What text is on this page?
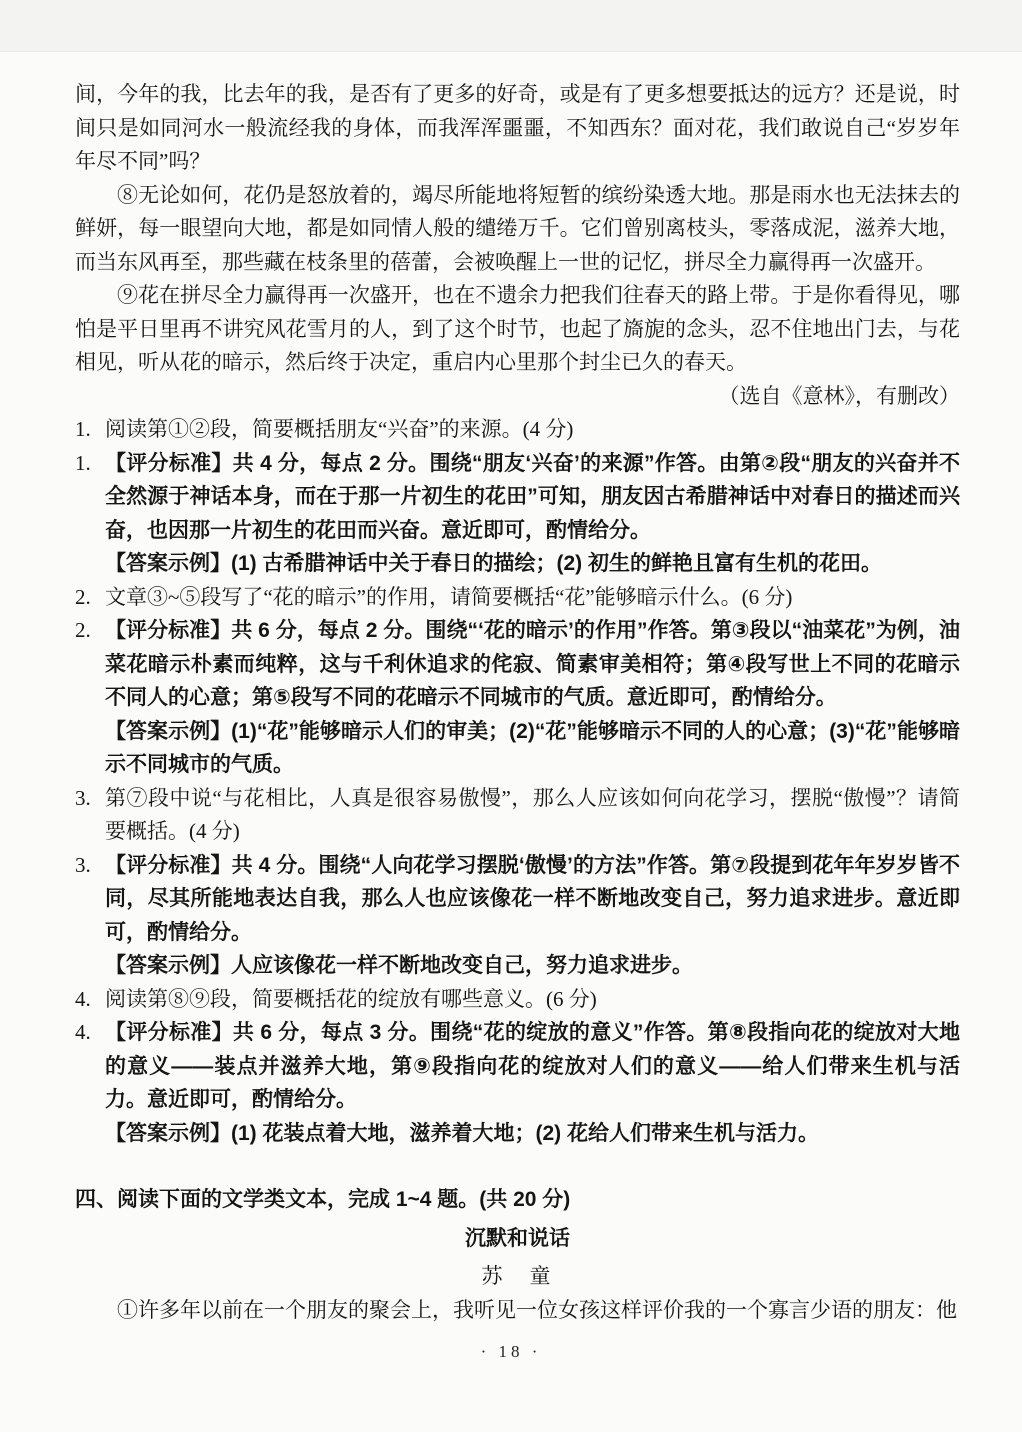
间，今年的我，比去年的我，是否有了更多的好奇，或是有了更多想要抵达的远方？还是说，时间只是如同河水一般流经我的身体，而我浑浑噩噩，不知西东？面对花，我们敢说自己“岁岁年年尽不同”吗？

⑧无论如何，花仍是怒放着的，竭尽所能地将短暂的缤纷染透大地。那是雨水也无法抹去的鲜妍，每一眼望向大地，都是如同情人般的缱绻万千。它们曾别离枝头，零落成泥，滋养大地，而当东风再至，那些藏在枝条里的蓓蕾，会被唤醒上一世的记忆，拼尽全力赢得再一次盛开。

⑨花在拼尽全力赢得再一次盛开，也在不遗余力把我们往春天的路上带。于是你看得见，哪怕是平日里再不讲究风花雪月的人，到了这个时节，也起了旖旎的念头，忍不住地出门去，与花相见，听从花的暗示，然后终于决定，重启内心里那个封尘已久的春天。

（选自《意林》，有删改）

1. 阅读第①②段，简要概括朋友“兴奋”的来源。(4 分)

1. 【评分标准】共 4 分，每点 2 分。围绕“朋友‘兴奋’的来源”作答。由第②段“朋友的兴奋并不全然源于神话本身，而在于那一片初生的花田”可知，朋友因古希腊神话中对春日的描述而兴奋，也因那一片初生的花田而兴奋。意近即可，酌情给分。

【答案示例】(1) 古希腊神话中关于春日的描绘；(2) 初生的鲜艳且富有生机的花田。

2. 文章③~⑤段写了“花的暗示”的作用，请简要概括“花”能够暗示什么。(6 分)

2. 【评分标准】共 6 分，每点 2 分。围绕“‘花的暗示’的作用”作答。第③段以“油菜花”为例，油菜花暗示朴素而纯粹，这与千利休追求的侘寂、简素审美相符；第④段写世上不同的花暗示不同人的心意；第⑤段写不同的花暗示不同城市的气质。意近即可，酌情给分。

【答案示例】(1)“花”能够暗示人们的审美；(2)“花”能够暗示不同的人的心意；(3)“花”能够暗示不同城市的气质。

3. 第⑦段中说“与花相比，人真是很容易傲慢”，那么人应该如何向花学习，摆脱“傲慢”？请简要概括。(4 分)

3. 【评分标准】共 4 分。围绕“人向花学习摆脱‘傲慢’的方法”作答。第⑦段提到花年年岁岁皆不同，尽其所能地表达自我，那么人也应该像花一样不断地改变自己，努力追求进步。意近即可，酌情给分。

【答案示例】人应该像花一样不断地改变自己，努力追求进步。

4. 阅读第⑧⑨段，简要概括花的绽放有哪些意义。(6 分)

4. 【评分标准】共 6 分，每点 3 分。围绕“花的绽放的意义”作答。第⑧段指向花的绽放对大地的意义——装点并滋养大地，第⑨段指向花的绽放对人们的意义——给人们带来生机与活力。意近即可，酌情给分。

【答案示例】(1) 花装点着大地，滋养着大地；(2) 花给人们带来生机与活力。

四、阅读下面的文学类文本，完成 1~4 题。(共 20 分)

沉默和说话

苏　童

①许多年以前在一个朋友的聚会上，我听见一位女孩这样评价我的一个寡言少语的朋友：他

· 18 ·
